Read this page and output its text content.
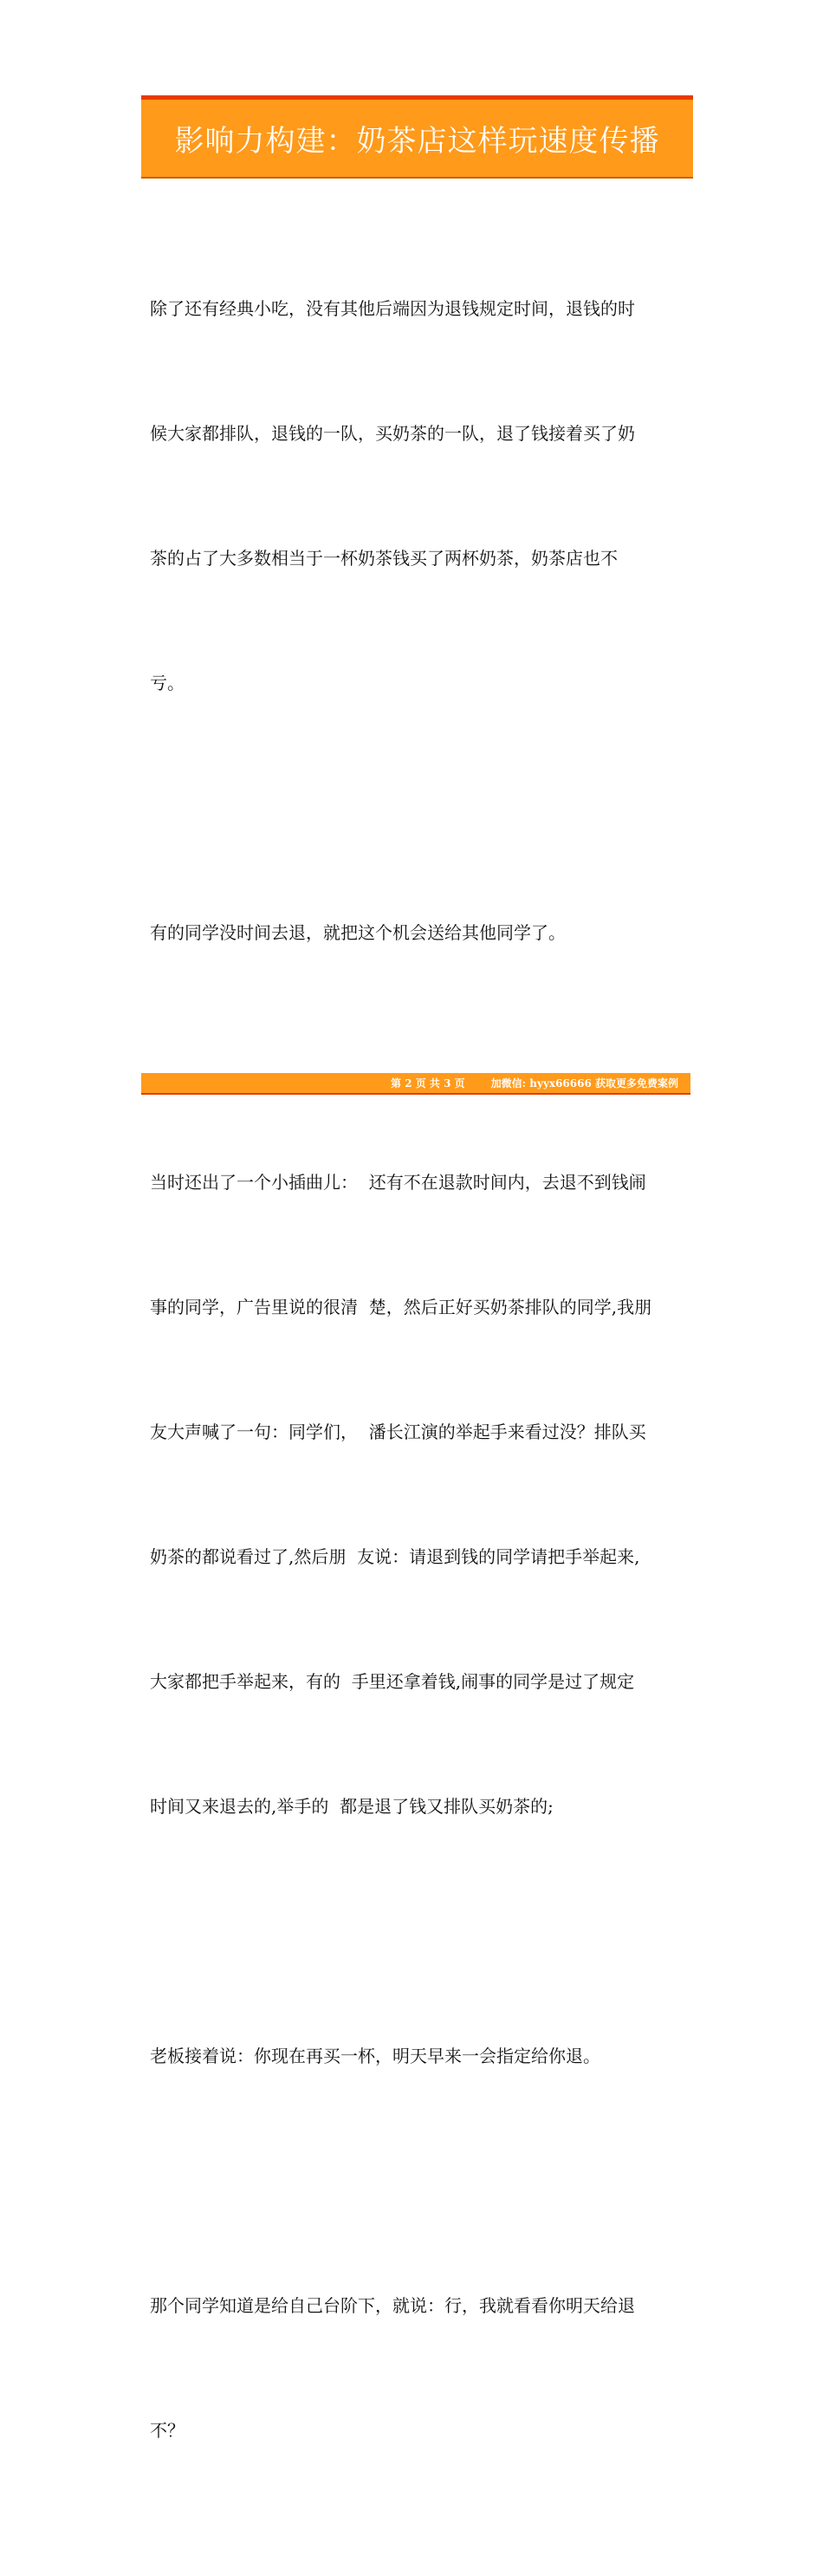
影响力构建：奶茶店这样玩速度传播

除了还有经典小吃，没有其他后端因为退钱规定时间，退钱的时

候大家都排队，退钱的一队，买奶茶的一队，退了钱接着买了奶

茶的占了大多数相当于一杯奶茶钱买了两杯奶茶，奶茶店也不

亏。

有的同学没时间去退，就把这个机会送给其他同学了。

当时还出了一个小插曲儿：  还有不在退款时间内，去退不到钱闹

事的同学，广告里说的很清  楚，然后正好买奶茶排队的同学,我朋

友大声喊了一句：同学们，  潘长江演的举起手来看过没？排队买

奶茶的都说看过了,然后朋  友说：请退到钱的同学请把手举起来,

大家都把手举起来，有的  手里还拿着钱,闹事的同学是过了规定

时间又来退去的,举手的  都是退了钱又排队买奶茶的;

老板接着说：你现在再买一杯，明天早来一会指定给你退。

那个同学知道是给自己台阶下，就说：行，我就看看你明天给退

不？

第 2 页 共 3 页	加微信: hyyx66666 获取更多免费案例
